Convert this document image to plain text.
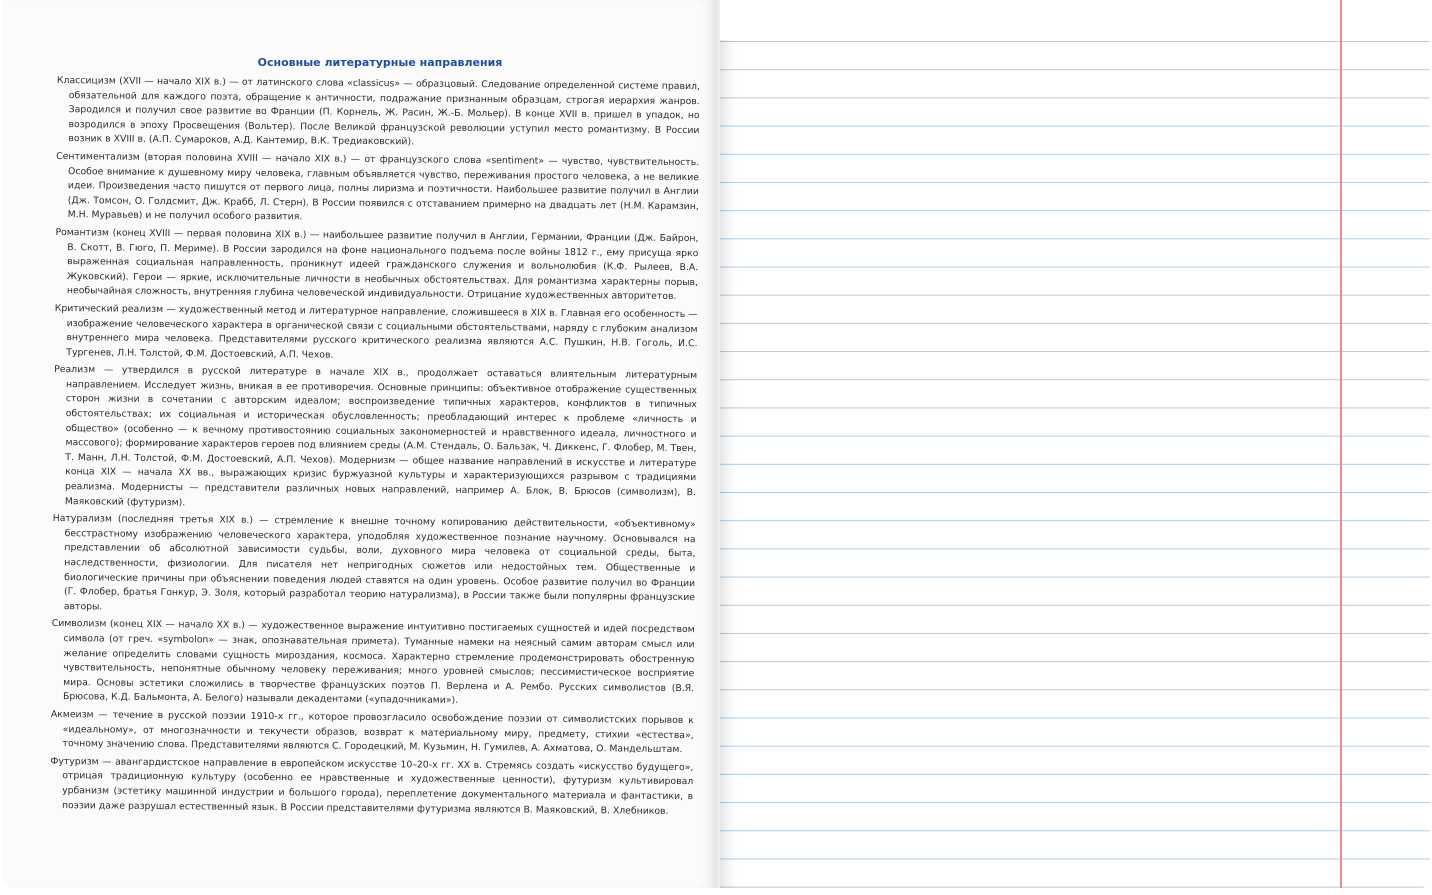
Основные литературные направления

Классицизм (XVII — начало XIX в.) — от латинского слова «classicus» — образцовый. Следование определенной системе правил, обязательной для каждого поэта, обращение к античности, подражание признанным образцам, строгая иерархия жанров. Зародился и получил свое развитие во Франции (П. Корнель, Ж. Расин, Ж.-Б. Мольер). В конце XVII в. пришел в упадок, но возродился в эпоху Просвещения (Вольтер). После Великой французской революции уступил место романтизму. В России возник в XVIII в. (А.П. Сумароков, А.Д. Кантемир, В.К. Тредиаковский).

Сентиментализм (вторая половина XVIII — начало XIX в.) — от французского слова «sentiment» — чувство, чувствительность. Особое внимание к душевному миру человека, главным объявляется чувство, переживания простого человека, а не великие идеи. Произведения часто пишутся от первого лица, полны лиризма и поэтичности. Наибольшее развитие получил в Англии (Дж. Томсон, О. Голдсмит, Дж. Крабб, Л. Стерн). В России появился с отставанием примерно на двадцать лет (Н.М. Карамзин, М.Н. Муравьев) и не получил особого развития.

Романтизм (конец XVIII — первая половина XIX в.) — наибольшее развитие получил в Англии, Германии, Франции (Дж. Байрон, В. Скотт, В. Гюго, П. Мериме). В России зародился на фоне национального подъема после войны 1812 г., ему присуща ярко выраженная социальная направленность, проникнут идеей гражданского служения и вольнолюбия (К.Ф. Рылеев, В.А. Жуковский). Герои — яркие, исключительные личности в необычных обстоятельствах. Для романтизма характерны порыв, необычайная сложность, внутренняя глубина человеческой индивидуальности. Отрицание художественных авторитетов.

Критический реализм — художественный метод и литературное направление, сложившееся в XIX в. Главная его особенность — изображение человеческого характера в органической связи с социальными обстоятельствами, наряду с глубоким анализом внутреннего мира человека. Представителями русского критического реализма являются А.С. Пушкин, Н.В. Гоголь, И.С. Тургенев, Л.Н. Толстой, Ф.М. Достоевский, А.П. Чехов.

Реализм — утвердился в русской литературе в начале XIX в., продолжает оставаться влиятельным литературным направлением. Исследует жизнь, вникая в ее противоречия. Основные принципы: объективное отображение существенных сторон жизни в сочетании с авторским идеалом; воспроизведение типичных характеров, конфликтов в типичных обстоятельствах; их социальная и историческая обусловленность; преобладающий интерес к проблеме «личность и общество» (особенно — к вечному противостоянию социальных закономерностей и нравственного идеала, личностного и массового); формирование характеров героев под влиянием среды (А.М. Стендаль, О. Бальзак, Ч. Диккенс, Г. Флобер, М. Твен, Т. Манн, Л.Н. Толстой, Ф.М. Достоевский, А.П. Чехов). Модернизм — общее название направлений в искусстве и литературе конца XIX — начала XX вв., выражающих кризис буржуазной культуры и характеризующихся разрывом с традициями реализма. Модернисты — представители различных новых направлений, например А. Блок, В. Брюсов (символизм), В. Маяковский (футуризм).

Натурализм (последняя третья XIX в.) — стремление к внешне точному копированию действительности, «объективному» бесстрастному изображению человеческого характера, уподобляя художественное познание научному. Основывался на представлении об абсолютной зависимости судьбы, воли, духовного мира человека от социальной среды, быта, наследственности, физиологии. Для писателя нет непригодных сюжетов или недостойных тем. Общественные и биологические причины при объяснении поведения людей ставятся на один уровень. Особое развитие получил во Франции (Г. Флобер, братья Гонкур, Э. Золя, который разработал теорию натурализма), в России также были популярны французские авторы.

Символизм (конец XIX — начало XX в.) — художественное выражение интуитивно постигаемых сущностей и идей посредством символа (от греч. «symbolon» — знак, опознавательная примета). Туманные намеки на неясный самим авторам смысл или желание определить словами сущность мироздания, космоса. Характерно стремление продемонстрировать обостренную чувствительность, непонятные обычному человеку переживания; много уровней смыслов; пессимистическое восприятие мира. Основы эстетики сложились в творчестве французских поэтов П. Верлена и А. Рембо. Русских символистов (В.Я. Брюсова, К.Д. Бальмонта, А. Белого) называли декадентами («упадочниками»).

Акмеизм — течение в русской поэзии 1910-х гг., которое провозгласило освобождение поэзии от символистских порывов к «идеальному», от многозначности и текучести образов, возврат к материальному миру, предмету, стихии «естества», точному значению слова. Представителями являются С. Городецкий, М. Кузьмин, Н. Гумилев, А. Ахматова, О. Мандельштам.

Футуризм — авангардистское направление в европейском искусстве 10–20-х гг. XX в. Стремясь создать «искусство будущего», отрицая традиционную культуру (особенно ее нравственные и художественные ценности), футуризм культивировал урбанизм (эстетику машинной индустрии и большого города), переплетение документального материала и фантастики, в поэзии даже разрушал естественный язык. В России представителями футуризма являются В. Маяковский, В. Хлебников.
